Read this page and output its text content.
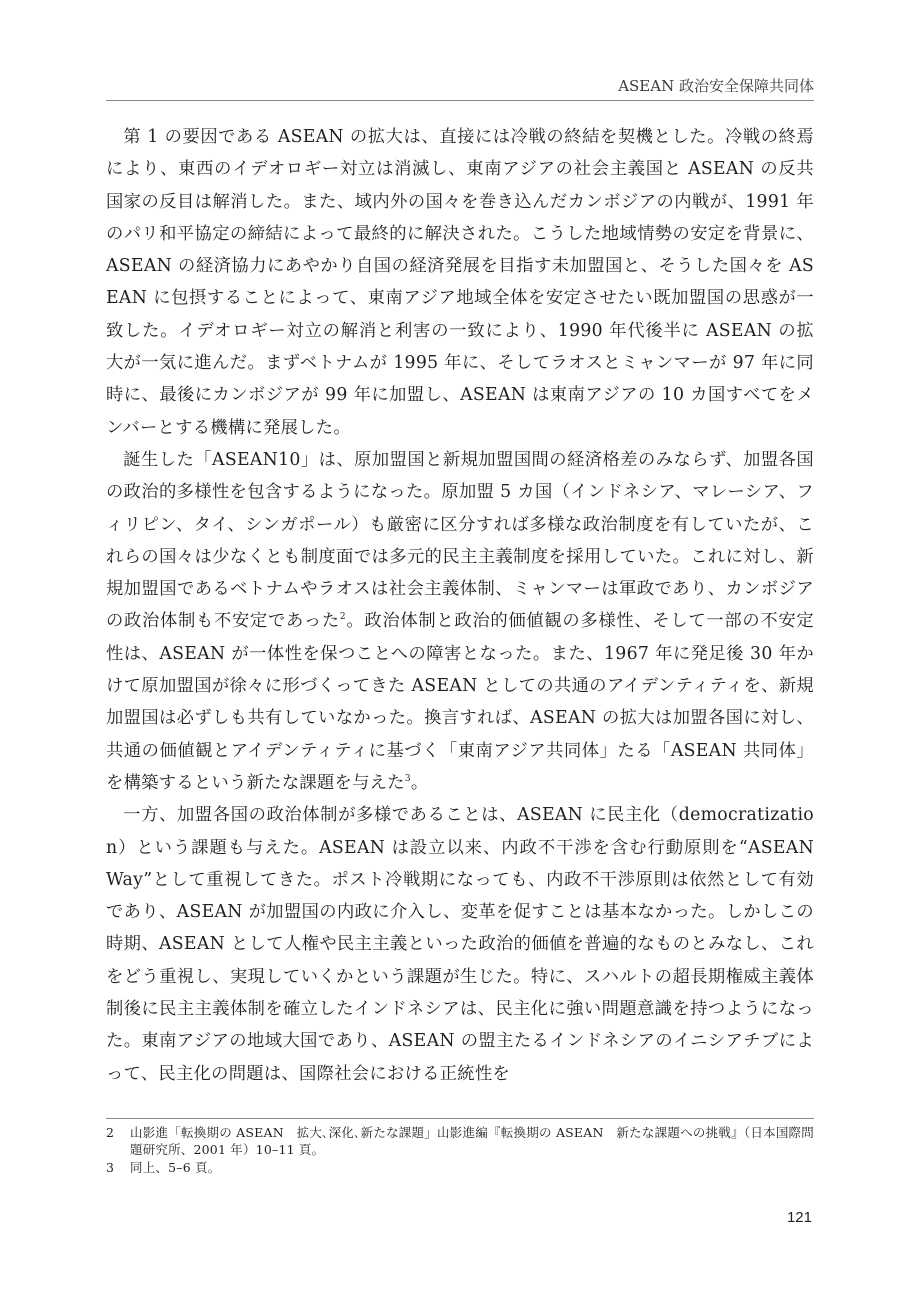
ASEAN 政治安全保障共同体

第 1 の要因である ASEAN の拡大は、直接には冷戦の終結を契機とした。冷戦の終焉により、東西のイデオロギー対立は消滅し、東南アジアの社会主義国と ASEAN の反共国家の反目は解消した。また、域内外の国々を巻き込んだカンボジアの内戦が、1991 年のパリ和平協定の締結によって最終的に解決された。こうした地域情勢の安定を背景に、ASEAN の経済協力にあやかり自国の経済発展を目指す未加盟国と、そうした国々を ASEAN に包摂することによって、東南アジア地域全体を安定させたい既加盟国の思惑が一致した。イデオロギー対立の解消と利害の一致により、1990 年代後半に ASEAN の拡大が一気に進んだ。まずベトナムが 1995 年に、そしてラオスとミャンマーが 97 年に同時に、最後にカンボジアが 99 年に加盟し、ASEAN は東南アジアの 10 カ国すべてをメンバーとする機構に発展した。

誕生した「ASEAN10」は、原加盟国と新規加盟国間の経済格差のみならず、加盟各国の政治的多様性を包含するようになった。原加盟 5 カ国（インドネシア、マレーシア、フィリピン、タイ、シンガポール）も厳密に区分すれば多様な政治制度を有していたが、これらの国々は少なくとも制度面では多元的民主主義制度を採用していた。これに対し、新規加盟国であるベトナムやラオスは社会主義体制、ミャンマーは軍政であり、カンボジアの政治体制も不安定であった$^2$。政治体制と政治的価値観の多様性、そして一部の不安定性は、ASEAN が一体性を保つことへの障害となった。また、1967 年に発足後 30 年かけて原加盟国が徐々に形づくってきた ASEAN としての共通のアイデンティティを、新規加盟国は必ずしも共有していなかった。換言すれば、ASEAN の拡大は加盟各国に対し、共通の価値観とアイデンティティに基づく「東南アジア共同体」たる「ASEAN 共同体」を構築するという新たな課題を与えた$^3$。

一方、加盟各国の政治体制が多様であることは、ASEAN に民主化（democratization）という課題も与えた。ASEAN は設立以来、内政不干渉を含む行動原則を“ASEAN Way”として重視してきた。ポスト冷戦期になっても、内政不干渉原則は依然として有効であり、ASEAN が加盟国の内政に介入し、変革を促すことは基本なかった。しかしこの時期、ASEAN として人権や民主主義といった政治的価値を普遍的なものとみなし、これをどう重視し、実現していくかという課題が生じた。特に、スハルトの超長期権威主義体制後に民主主義体制を確立したインドネシアは、民主化に強い問題意識を持つようになった。東南アジアの地域大国であり、ASEAN の盟主たるインドネシアのイニシアチブによって、民主化の問題は、国際社会における正統性を

2	山影進「転換期の ASEAN　拡大､深化､新たな課題」山影進編『転換期の ASEAN　新たな課題への挑戦』（日本国際問題研究所、2001 年）10–11 頁。
3	同上、5–6 頁。
121
